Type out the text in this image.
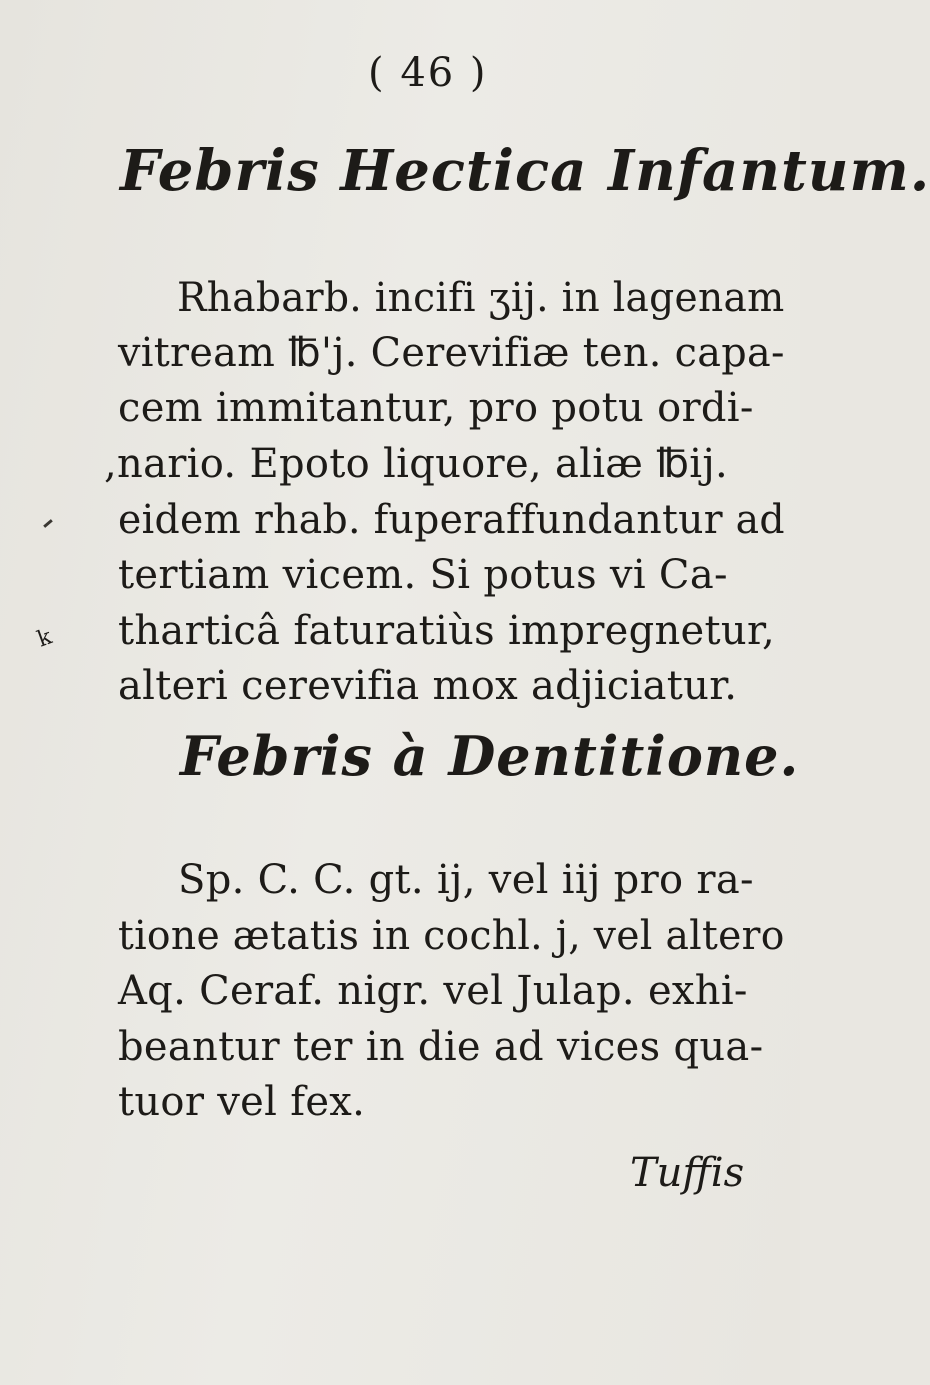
( 46 )
Febris Hectica Infantum.
Rhabarb. incifi ʒij. in lagenam
vitream ℔'j. Cerevifiæ ten. capa-
cem immitantur, pro potu ordi-
,nario. Epoto liquore, aliæ ℔ij.
eidem rhab. fuperaffundantur ad
tertiam vicem. Si potus vi Ca-
tharticâ faturatiùs impregnetur,
alteri cerevifia mox adjiciatur.
Febris à Dentitione.
Sp. C. C. gt. ij, vel iij pro ra-
tione ætatis in cochl. j, vel altero
Aq. Ceraf. nigr. vel Julap. exhi-
beantur ter in die ad vices qua-
tuor vel fex.
Tuffis
k
